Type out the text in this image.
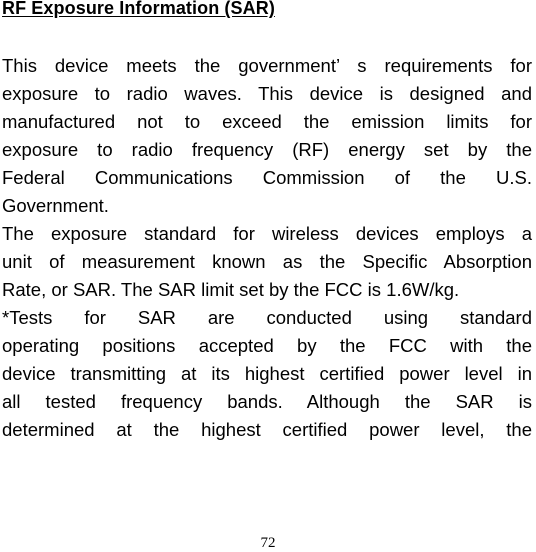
RF Exposure Information (SAR)
This device meets the government’ s requirements for
exposure to radio waves. This device is designed and
manufactured not to exceed the emission limits for
exposure to radio frequency (RF) energy set by the
Federal Communications Commission of the U.S.
Government.
The exposure standard for wireless devices employs a
unit of measurement known as the Specific Absorption
Rate, or SAR. The SAR limit set by the FCC is 1.6W/kg.
*Tests for SAR are conducted using standard
operating positions accepted by the FCC with the
device transmitting at its highest certified power level in
all tested frequency bands. Although the SAR is
determined at the highest certified power level, the
72
